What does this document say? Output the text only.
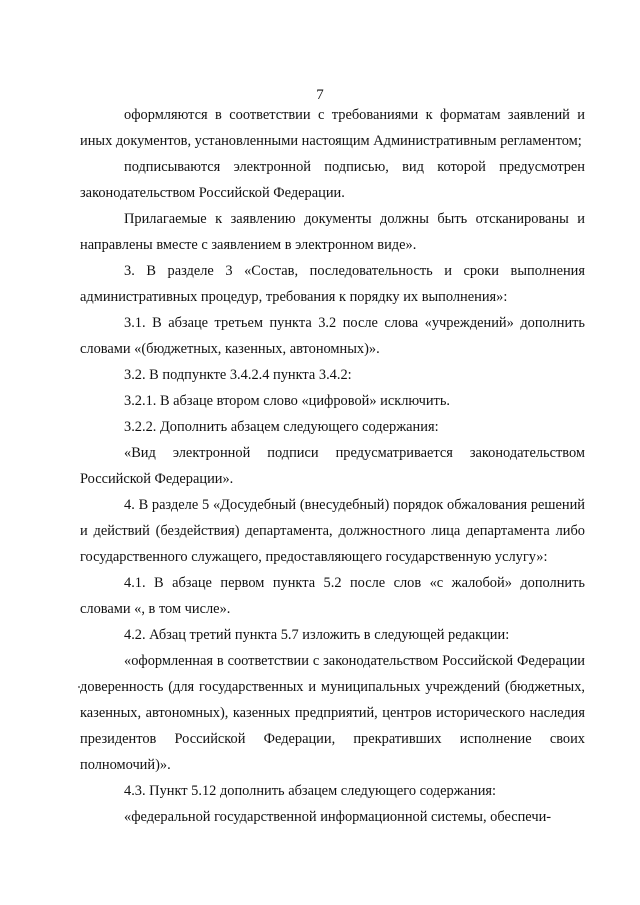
7

оформляются в соответствии с требованиями к форматам заявлений и иных документов, установленными настоящим Административным регламентом;

подписываются электронной подписью, вид которой предусмотрен законодательством Российской Федерации.

Прилагаемые к заявлению документы должны быть отсканированы и направлены вместе с заявлением в электронном виде».

3. В разделе 3 «Состав, последовательность и сроки выполнения административных процедур, требования к порядку их выполнения»:

3.1. В абзаце третьем пункта 3.2 после слова «учреждений» дополнить словами «(бюджетных, казенных, автономных)».

3.2. В подпункте 3.4.2.4 пункта 3.4.2:

3.2.1. В абзаце втором слово «цифровой» исключить.

3.2.2. Дополнить абзацем следующего содержания:

«Вид электронной подписи предусматривается законодательством Российской Федерации».

4. В разделе 5 «Досудебный (внесудебный) порядок обжалования решений и действий (бездействия) департамента, должностного лица департамента либо государственного служащего, предоставляющего государственную услугу»:

4.1. В абзаце первом пункта 5.2 после слов «с жалобой» дополнить словами «, в том числе».

4.2. Абзац третий пункта 5.7 изложить в следующей редакции:

«оформленная в соответствии с законодательством Российской Федерации доверенность (для государственных и муниципальных учреждений (бюджетных, казенных, автономных), казенных предприятий, центров исторического наследия президентов Российской Федерации, прекративших исполнение своих полномочий)».

4.3. Пункт 5.12 дополнить абзацем следующего содержания:

«федеральной государственной информационной системы, обеспечи-
